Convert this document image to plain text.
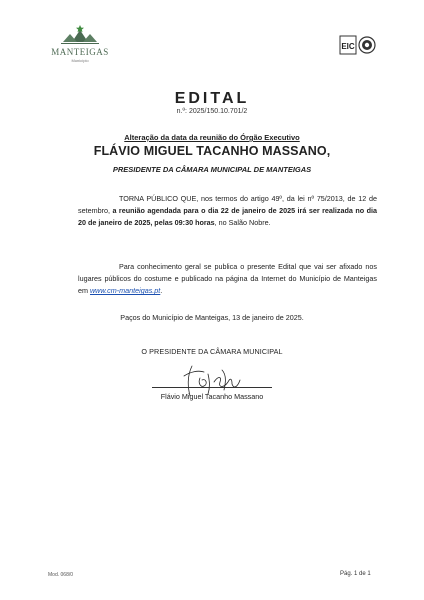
MANTEIGAS
Município
EIC
EDITAL
n.º: 2025/150.10.701/2
Alteração da data da reunião do Órgão Executivo
FLÁVIO MIGUEL TACANHO MASSANO,
PRESIDENTE DA CÂMARA MUNICIPAL DE MANTEIGAS
TORNA PÚBLICO QUE, nos termos do artigo 49º, da lei nº 75/2013, de 12 de setembro, a reunião agendada para o dia 22 de janeiro de 2025 irá ser realizada no dia 20 de janeiro de 2025, pelas 09:30 horas, no Salão Nobre.
Para conhecimento geral se publica o presente Edital que vai ser afixado nos lugares públicos do costume e publicado na página da Internet do Município de Manteigas em www.cm-manteigas.pt.
Paços do Município de Manteigas, 13 de janeiro de 2025.
O PRESIDENTE DA CÂMARA MUNICIPAL
Flávio Miguel Tacanho Massano
Mod. 068/0	Pág. 1 de 1
